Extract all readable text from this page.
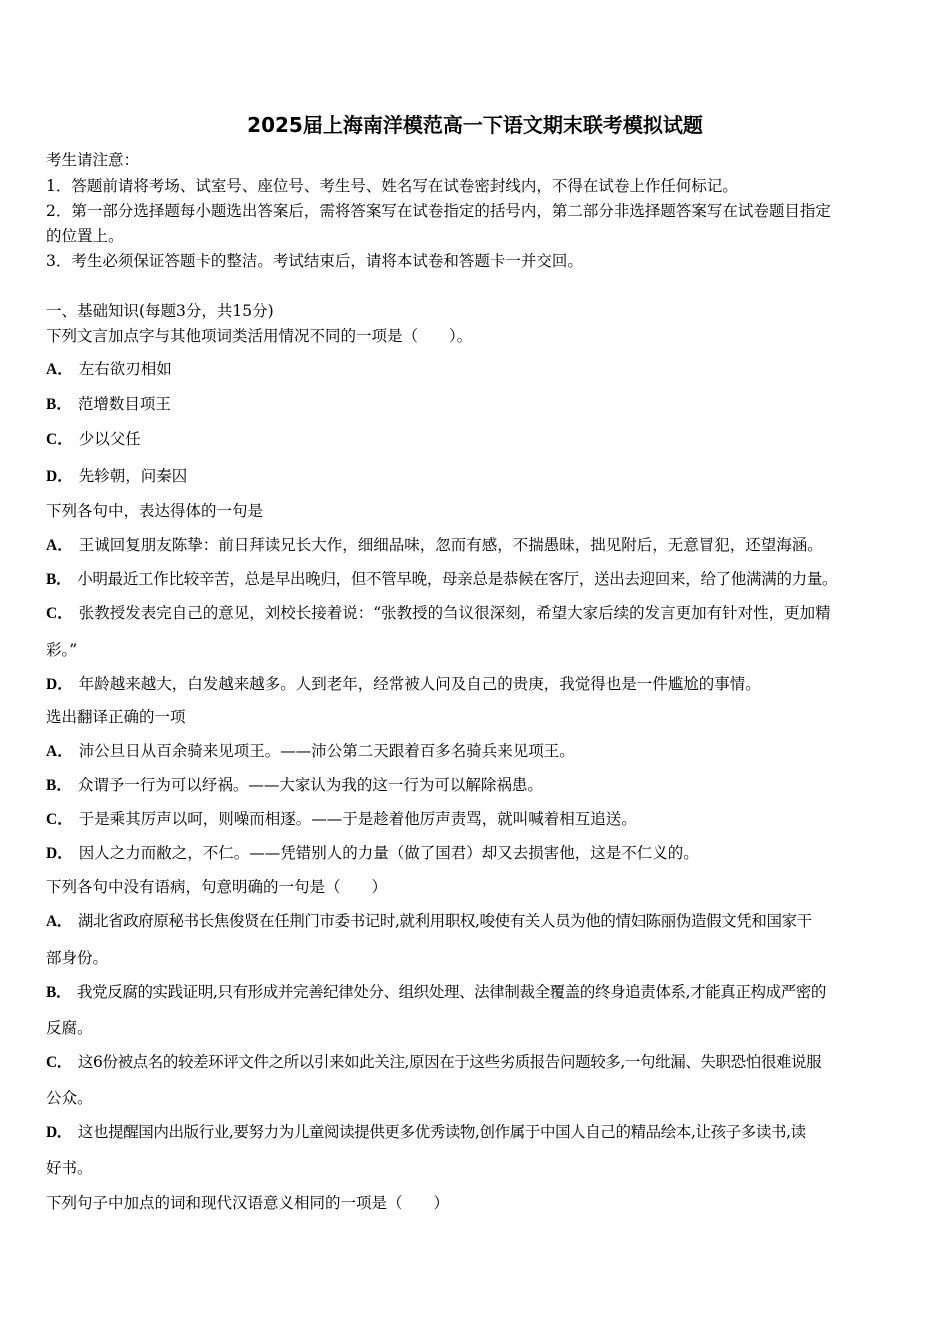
2025届上海南洋模范高一下语文期末联考模拟试题
考生请注意：
1．答题前请将考场、试室号、座位号、考生号、姓名写在试卷密封线内，不得在试卷上作任何标记。
2．第一部分选择题每小题选出答案后，需将答案写在试卷指定的括号内，第二部分非选择题答案写在试卷题目指定
的位置上。
3．考生必须保证答题卡的整洁。考试结束后，请将本试卷和答题卡一并交回。
一、基础知识(每题3分，共15分)
下列文言加点字与其他项词类活用情况不同的一项是（　　）。
A． 左右欲刃相如
B． 范增数目项王
C． 少以父任
D． 先轸朝，问秦囚
下列各句中，表达得体的一句是
A． 王诚回复朋友陈挚：前日拜读兄长大作，细细品味，忽而有感，不揣愚昧，拙见附后，无意冒犯，还望海涵。
B． 小明最近工作比较辛苦，总是早出晚归，但不管早晚，母亲总是恭候在客厅，送出去迎回来，给了他满满的力量。
C． 张教授发表完自己的意见，刘校长接着说：“张教授的刍议很深刻，希望大家后续的发言更加有针对性，更加精
彩。”
D． 年龄越来越大，白发越来越多。人到老年，经常被人问及自己的贵庚，我觉得也是一件尴尬的事情。
选出翻译正确的一项
A． 沛公旦日从百余骑来见项王。——沛公第二天跟着百多名骑兵来见项王。
B． 众谓予一行为可以纾祸。——大家认为我的这一行为可以解除祸患。
C． 于是乘其厉声以呵，则噪而相逐。——于是趁着他厉声责骂，就叫喊着相互追送。
D． 因人之力而敝之，不仁。——凭错别人的力量（做了国君）却又去损害他，这是不仁义的。
下列各句中没有语病，句意明确的一句是（　　）
A． 湖北省政府原秘书长焦俊贤在任荆门市委书记时,就利用职权,唆使有关人员为他的情妇陈丽伪造假文凭和国家干
部身份。
B． 我党反腐的实践证明,只有形成并完善纪律处分、组织处理、法律制裁全覆盖的终身追责体系,才能真正构成严密的
反腐。
C． 这6份被点名的较差环评文件之所以引来如此关注,原因在于这些劣质报告问题较多,一句纰漏、失职恐怕很难说服
公众。
D． 这也提醒国内出版行业,要努力为儿童阅读提供更多优秀读物,创作属于中国人自己的精品绘本,让孩子多读书,读
好书。
下列句子中加点的词和现代汉语意义相同的一项是（　　）
